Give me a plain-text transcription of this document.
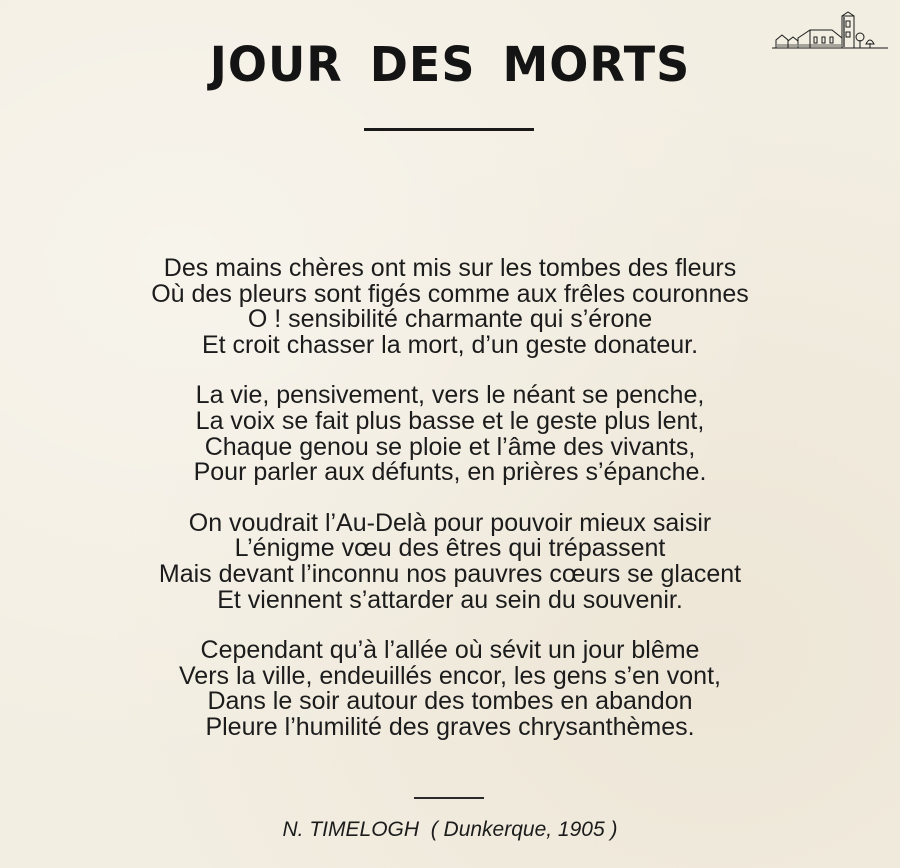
JOUR DES MORTS
Des mains chères ont mis sur les tombes des fleurs
Où des pleurs sont figés comme aux frêles couronnes
O ! sensibilité charmante qui s’érone
Et croit chasser la mort, d’un geste donateur.
La vie, pensivement, vers le néant se penche,
La voix se fait plus basse et le geste plus lent,
Chaque genou se ploie et l’âme des vivants,
Pour parler aux défunts, en prières s’épanche.
On voudrait l’Au-Delà pour pouvoir mieux saisir
L’énigme vœu des êtres qui trépassent
Mais devant l’inconnu nos pauvres cœurs se glacent
Et viennent s’attarder au sein du souvenir.
Cependant qu’à l’allée où sévit un jour blême
Vers la ville, endeuillés encor, les gens s’en vont,
Dans le soir autour des tombes en abandon
Pleure l’humilité des graves chrysanthèmes.
N. TIMELOGH  ( Dunkerque, 1905 )
